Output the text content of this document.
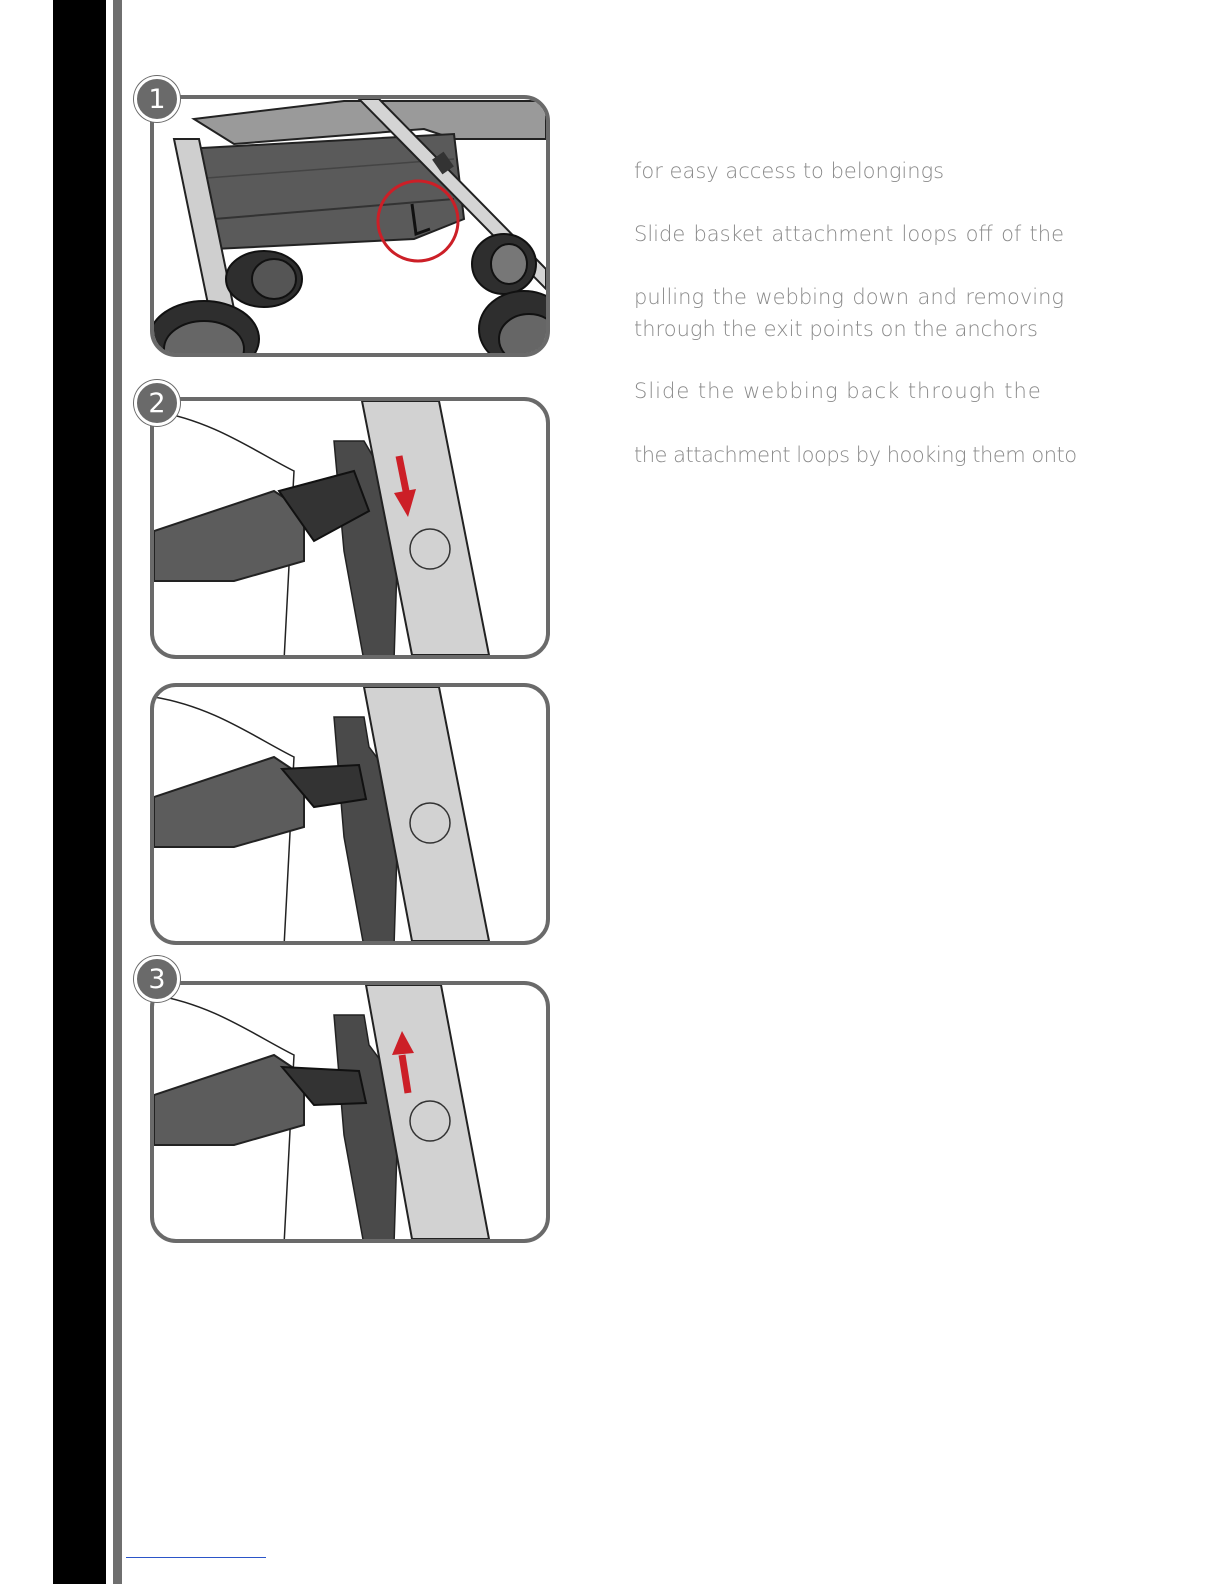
1
2
3
for easy access to belongings
Slide basket attachment loops off of the
pulling the webbing down and removing
through the exit points on the anchors
Slide the webbing back through the
the attachment loops by hooking them onto
